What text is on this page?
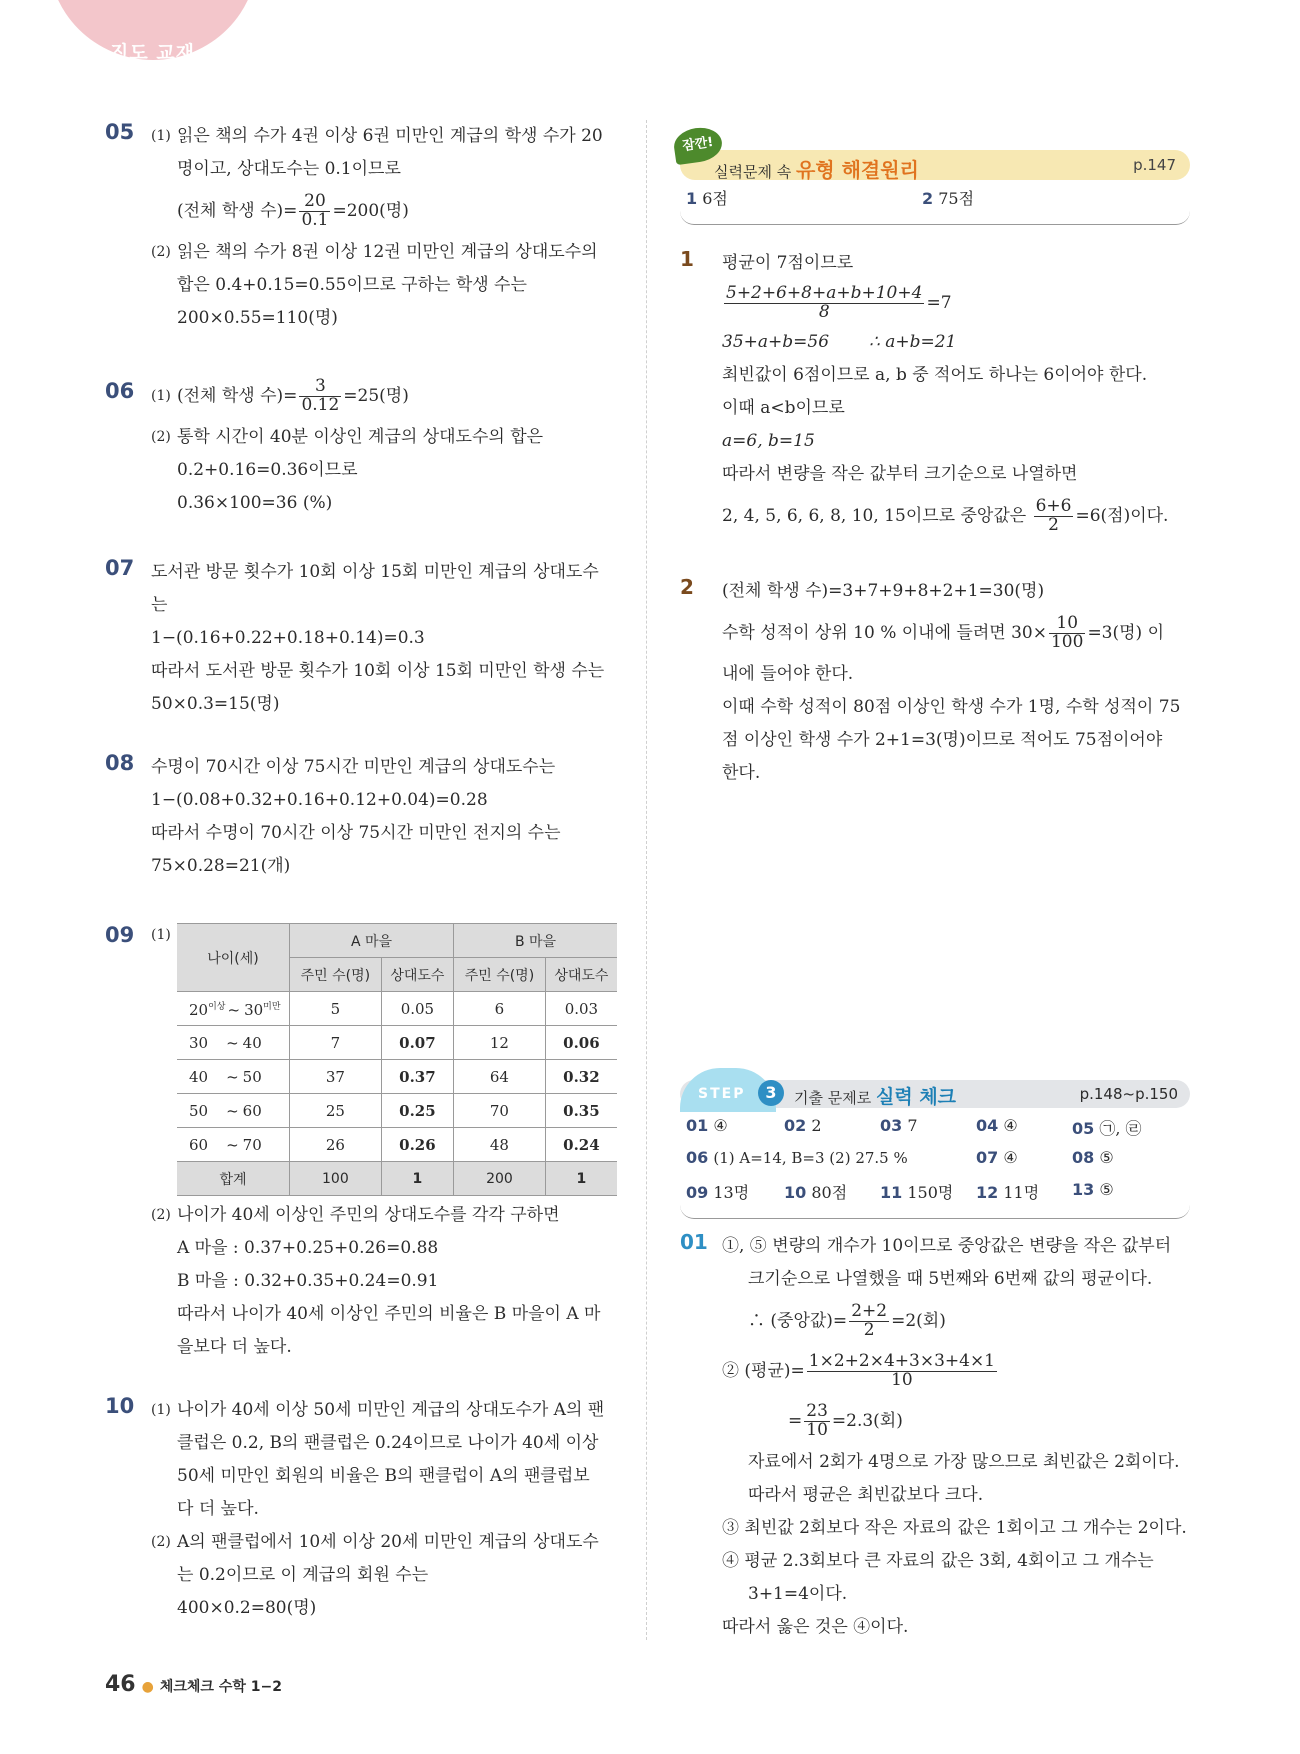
진도 교재
05 (1) 읽은 책의 수가 4권 이상 6권 미만인 계급의 학생 수가 20
명이고, 상대도수는 0.1이므로
(전체 학생 수)= $\frac{20}{0.1} =200$(명)
(2) 읽은 책의 수가 8권 이상 12권 미만인 계급의 상대도수의
합은 0.4+0.15=0.55이므로 구하는 학생 수는
200×0.55=110(명)
06 (1) (전체 학생 수)= $\frac{3}{0.12} =25$(명)
(2) 통학 시간이 40분 이상인 계급의 상대도수의 합은
0.2+0.16=0.36이므로
0.36×100=36 (%)
07 도서관 방문 횟수가 10회 이상 15회 미만인 계급의 상대도수
는
1−(0.16+0.22+0.18+0.14)=0.3
따라서 도서관 방문 횟수가 10회 이상 15회 미만인 학생 수는
50×0.3=15(명)
08 수명이 70시간 이상 75시간 미만인 계급의 상대도수는
1−(0.08+0.32+0.16+0.12+0.04)=0.28
따라서 수명이 70시간 이상 75시간 미만인 전지의 수는
75×0.28=21(개)
09 (1)
나이(세)	A 마을		B 마을	
	주민 수(명)	상대도수	주민 수(명)	상대도수
$20^{이상}$ ~ $30^{미만}$	5	0.05	6	0.03
30 ~ 40	7	0.07	12	0.06
40 ~ 50	37	0.37	64	0.32
50 ~ 60	25	0.25	70	0.35
60 ~ 70	26	0.26	48	0.24
합계	100	1	200	1
(2) 나이가 40세 이상인 주민의 상대도수를 각각 구하면
A 마을 : 0.37+0.25+0.26=0.88
B 마을 : 0.32+0.35+0.24=0.91
따라서 나이가 40세 이상인 주민의 비율은 B 마을이 A 마
을보다 더 높다.
10 (1) 나이가 40세 이상 50세 미만인 계급의 상대도수가 A의 팬
클럽은 0.2, B의 팬클럽은 0.24이므로 나이가 40세 이상
50세 미만인 회원의 비율은 B의 팬클럽이 A의 팬클럽보
다 더 높다.
(2) A의 팬클럽에서 10세 이상 20세 미만인 계급의 상대도수
는 0.2이므로 이 계급의 회원 수는
400×0.2=80(명)
잠깐!
실력문제 속 유형 해결원리	p.147
1 6점	2 75점
1 평균이 7점이므로
$\frac{5+2+6+8+a+b+10+4}{8} =7$
35+a+b=56 ∴ a+b=21
최빈값이 6점이므로 a, b 중 적어도 하나는 6이어야 한다.
이때 a<b이므로
a=6, b=15
따라서 변량을 작은 값부터 크기순으로 나열하면
2, 4, 5, 6, 6, 8, 10, 15이므로 중앙값은 $\frac{6+6}{2} =6$(점)이다.
2 (전체 학생 수)=3+7+9+8+2+1=30(명)
수학 성적이 상위 10 % 이내에 들려면 $30\times \frac{10}{100} =3$(명) 이
내에 들어야 한다.
이때 수학 성적이 80점 이상인 학생 수가 1명, 수학 성적이 75
점 이상인 학생 수가 2+1=3(명)이므로 적어도 75점이어야
한다.
STEP	3	기출 문제로 실력 체크	p.148~p.150
01 ④	02 2	03 7	04 ④	05 ㉠, ㉣
06 (1) A=14, B=3 (2) 27.5 %	07 ④	08 ⑤
09 13명 10 80점 11 150명 12 11명 13 ⑤
01 ①, ⑤ 변량의 개수가 10이므로 중앙값은 변량을 작은 값부터
크기순으로 나열했을 때 5번째와 6번째 값의 평균이다.
∴ (중앙값)= $\frac{2+2}{2} =2$(회)
② (평균)= $\frac{1\times 2+2\times 4+3\times 3+4\times 1}{10}$
= $\frac{23}{10} =2.3$(회)
자료에서 2회가 4명으로 가장 많으므로 최빈값은 2회이다.
따라서 평균은 최빈값보다 크다.
③ 최빈값 2회보다 작은 자료의 값은 1회이고 그 개수는 2이다.
④ 평균 2.3회보다 큰 자료의 값은 3회, 4회이고 그 개수는
3+1=4이다.
따라서 옳은 것은 ④이다.
46 ● 체크체크 수학 1−2
